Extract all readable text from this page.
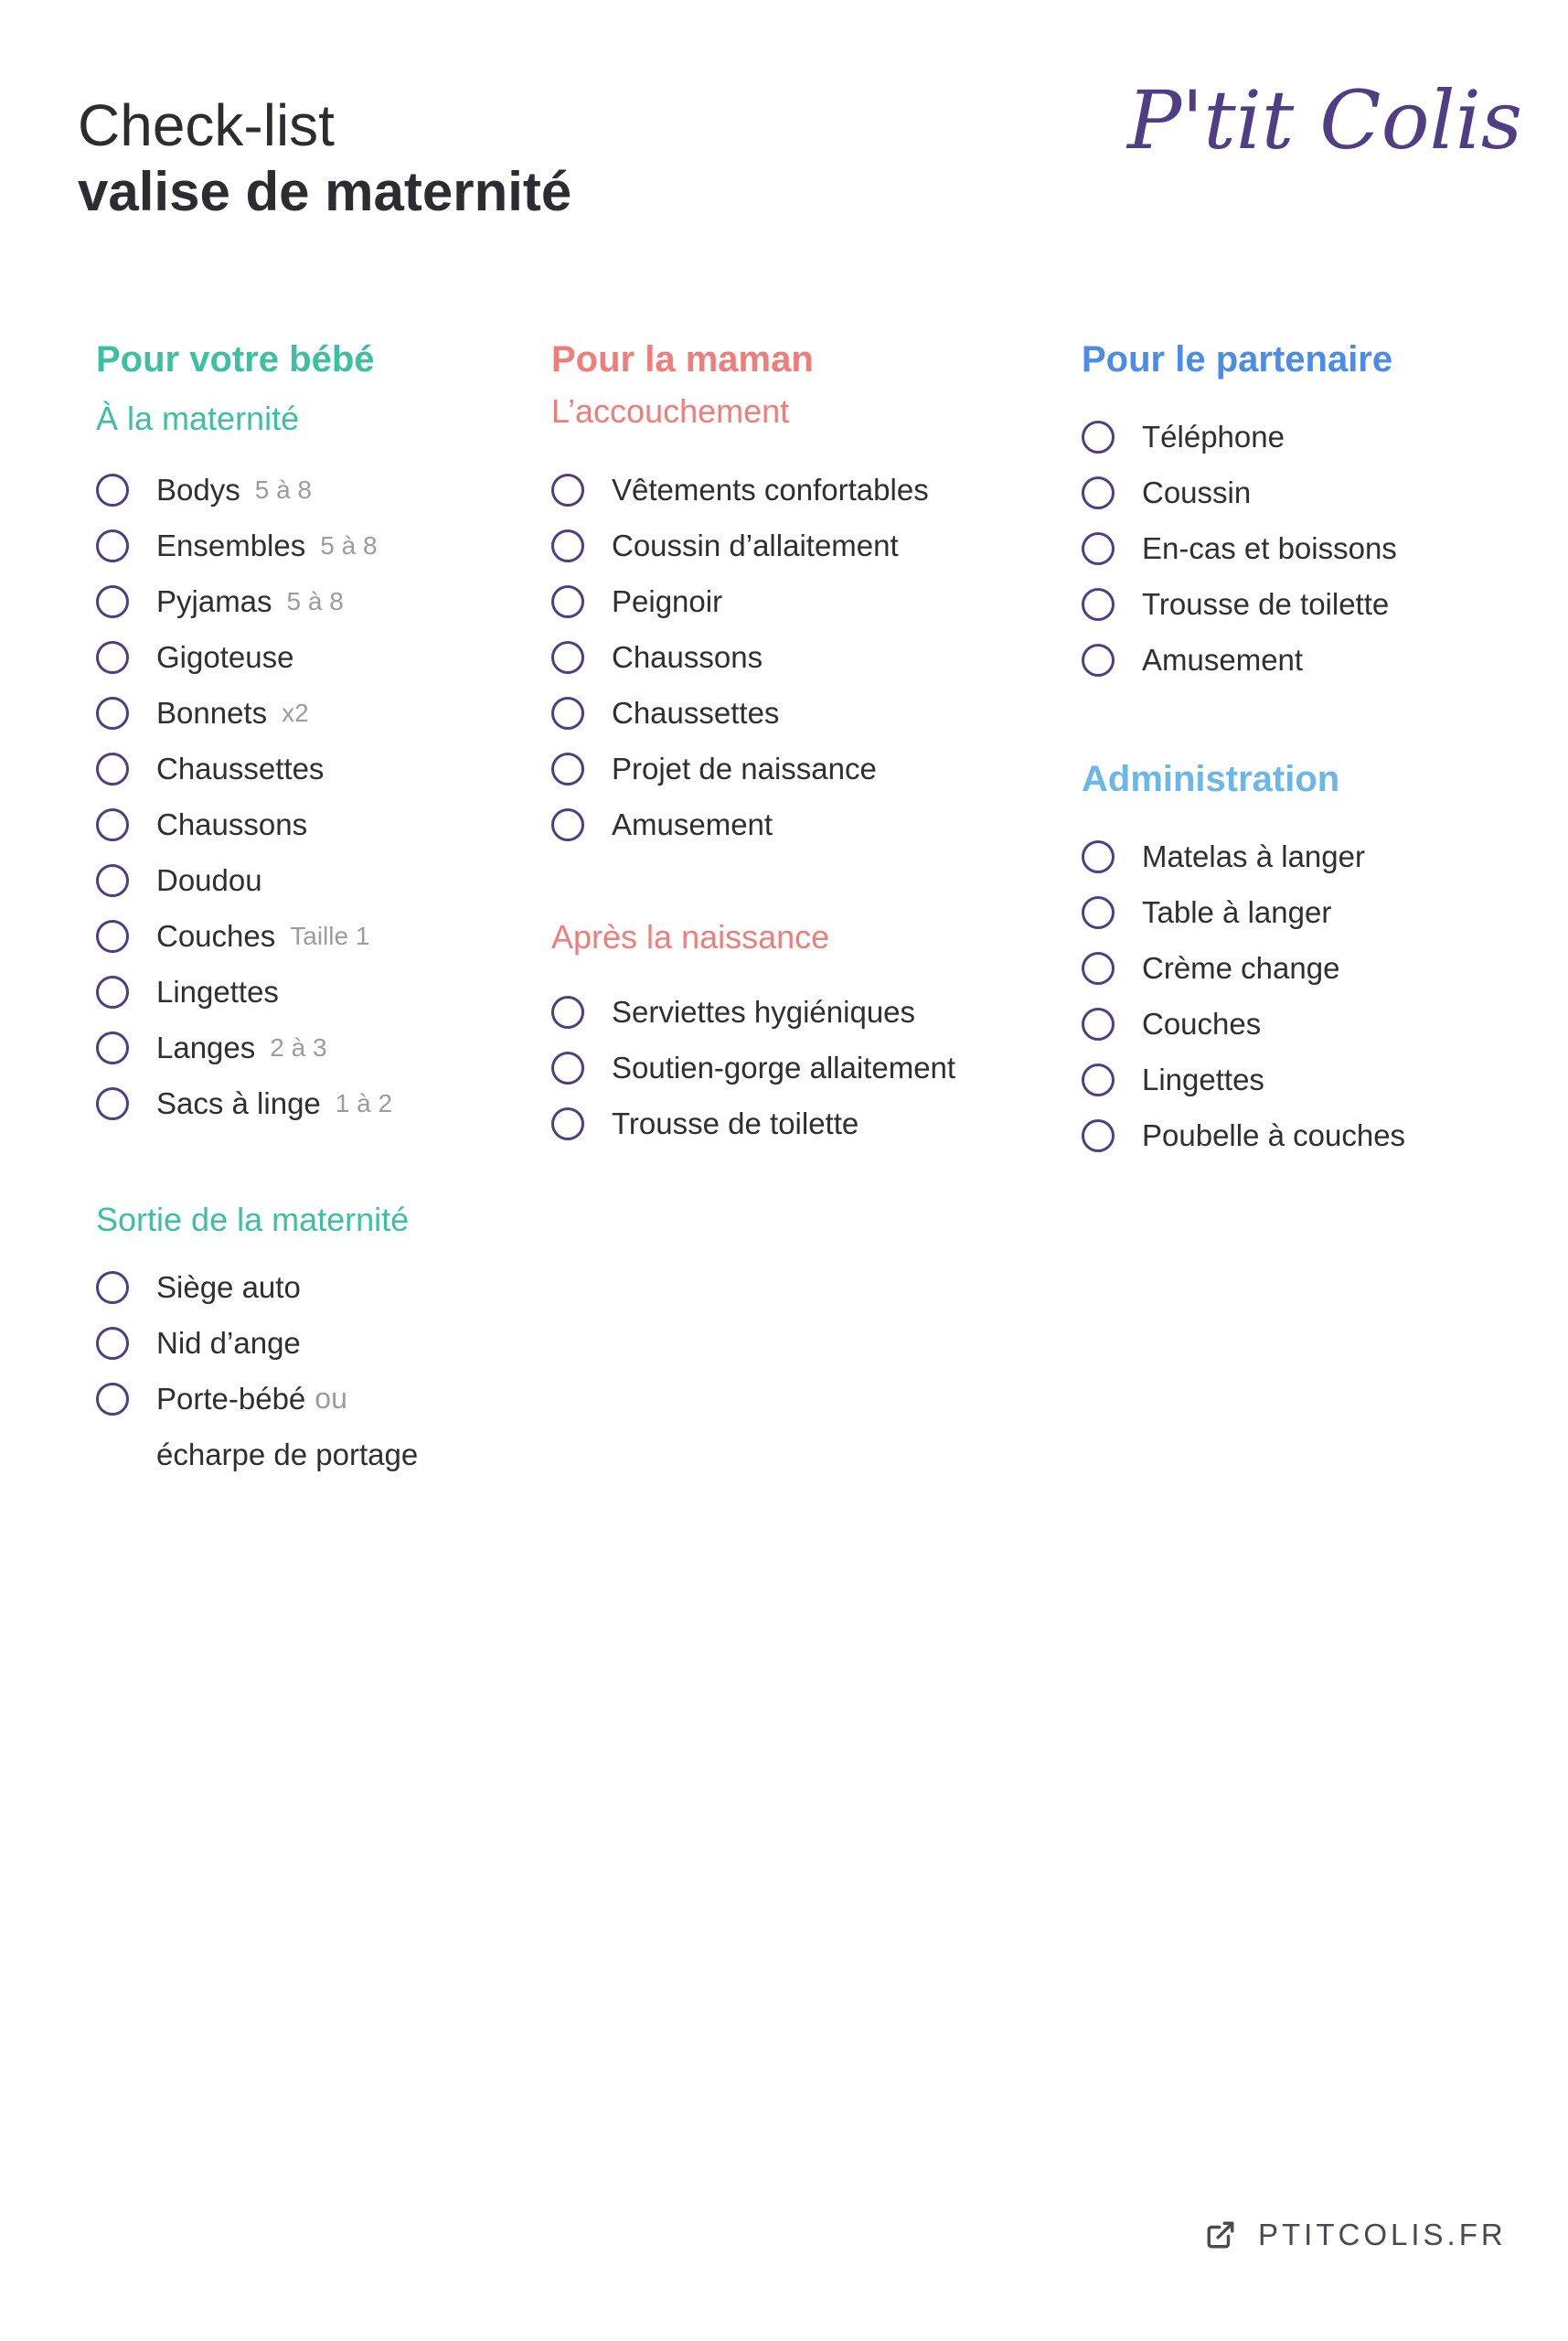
Check-list
valise de maternité
P'tit Colis
Pour votre bébé
À la maternité
Bodys 5 à 8
Ensembles 5 à 8
Pyjamas 5 à 8
Gigoteuse
Bonnets x2
Chaussettes
Chaussons
Doudou
Couches Taille 1
Lingettes
Langes 2 à 3
Sacs à linge 1 à 2
Sortie de la maternité
Siège auto
Nid d’ange
Porte-bébé ou
écharpe de portage
Pour la maman
L’accouchement
Vêtements confortables
Coussin d’allaitement
Peignoir
Chaussons
Chaussettes
Projet de naissance
Amusement
Après la naissance
Serviettes hygiéniques
Soutien-gorge allaitement
Trousse de toilette
Pour le partenaire
Téléphone
Coussin
En-cas et boissons
Trousse de toilette
Amusement
Administration
Matelas à langer
Table à langer
Crème change
Couches
Lingettes
Poubelle à couches
PTITCOLIS.FR
